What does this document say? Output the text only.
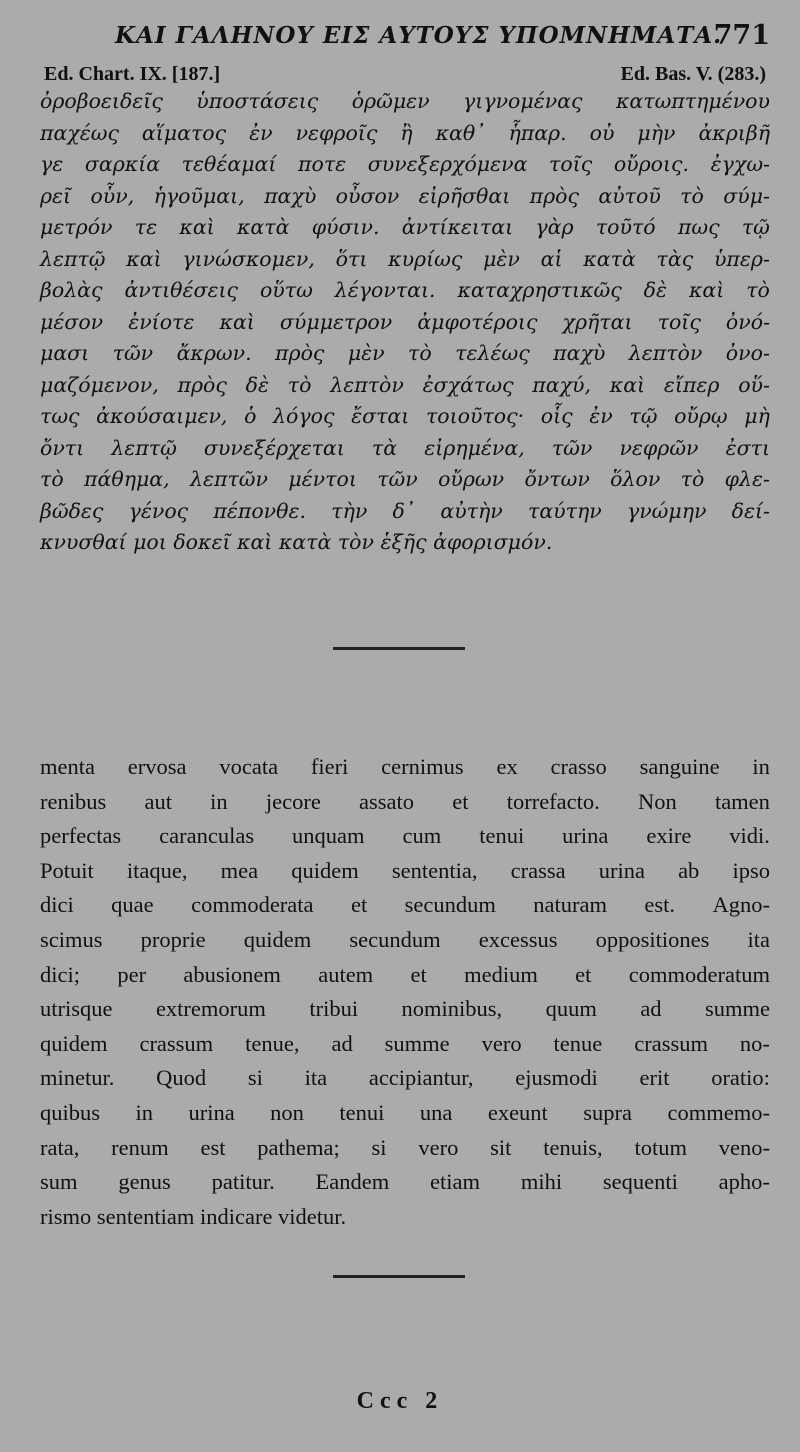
ΚΑΙ ΓΑΛΗΝΟΥ ΕΙΣ ΑΥΤΟΥΣ ΥΠΟΜΝΗΜΑΤΑ.
771
Ed. Chart. IX. [187.]	Ed. Bas. V. (283.)
ὀροβοειδεῖς ὑποστάσεις ὁρῶμεν γιγνομένας κατωπτημένου
παχέως αἵματος ἐν νεφροῖς ἢ καθ᾽ ἧπαρ. οὐ μὴν ἀκριβῆ
γε σαρκία τεθέαμαί ποτε συνεξερχόμενα τοῖς οὔροις. ἐγχω-
ρεῖ οὖν, ἡγοῦμαι, παχὺ οὖσον εἰρῆσθαι πρὸς αὐτοῦ τὸ σύμ-
μετρόν τε καὶ κατὰ φύσιν. ἀντίκειται γὰρ τοῦτό πως τῷ
λεπτῷ καὶ γινώσκομεν, ὅτι κυρίως μὲν αἱ κατὰ τὰς ὑπερ-
βολὰς ἀντιθέσεις οὕτω λέγονται. καταχρηστικῶς δὲ καὶ τὸ
μέσον ἐνίοτε καὶ σύμμετρον ἀμφοτέροις χρῆται τοῖς ὀνό-
μασι τῶν ἄκρων. πρὸς μὲν τὸ τελέως παχὺ λεπτὸν ὀνο-
μαζόμενον, πρὸς δὲ τὸ λεπτὸν ἐσχάτως παχύ, καὶ εἴπερ οὕ-
τως ἀκούσαιμεν, ὁ λόγος ἔσται τοιοῦτος· οἷς ἐν τῷ οὔρῳ μὴ
ὄντι λεπτῷ συνεξέρχεται τὰ εἰρημένα, τῶν νεφρῶν ἐστι
τὸ πάθημα, λεπτῶν μέντοι τῶν οὔρων ὄντων ὅλον τὸ φλε-
βῶδες γένος πέπονθε. τὴν δ᾽ αὐτὴν ταύτην γνώμην δεί-
κνυσθαί μοι δοκεῖ καὶ κατὰ τὸν ἑξῆς ἀφορισμόν.
menta ervosa vocata fieri cernimus ex crasso sanguine in
renibus aut in jecore assato et torrefacto. Non tamen
perfectas caranculas unquam cum tenui urina exire vidi.
Potuit itaque, mea quidem sententia, crassa urina ab ipso
dici quae commoderata et secundum naturam est. Agno-
scimus proprie quidem secundum excessus oppositiones ita
dici; per abusionem autem et medium et commoderatum
utrisque extremorum tribui nominibus, quum ad summe
quidem crassum tenue, ad summe vero tenue crassum no-
minetur. Quod si ita accipiantur, ejusmodi erit oratio:
quibus in urina non tenui una exeunt supra commemo-
rata, renum est pathema; si vero sit tenuis, totum veno-
sum genus patitur. Eandem etiam mihi sequenti apho-
rismo sententiam indicare videtur.
Ccc 2
